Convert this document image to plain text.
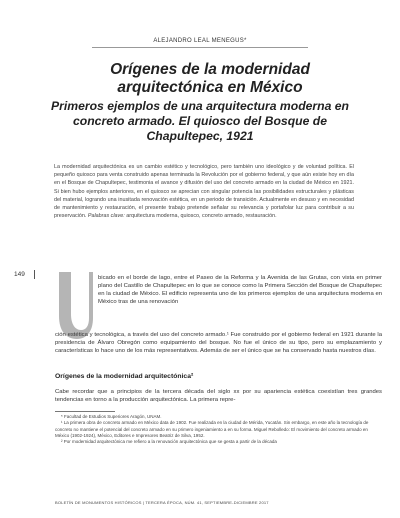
ALEJANDRO LEAL MENEGUS*
Orígenes de la modernidad arquitectónica en México
Primeros ejemplos de una arquitectura moderna en concreto armado. El quiosco del Bosque de Chapultepec, 1921
La modernidad arquitectónica es un cambio estético y tecnológico, pero también uno ideológico y de voluntad política. El pequeño quiosco para venta construido apenas terminada la Revolución por el gobierno federal, y que aún existe hoy en día en el Bosque de Chapultepec, testimonia el avance y difusión del uso del concreto armado en la ciudad de México en 1921. Si bien hubo ejemplos anteriores, en el quiosco se aprecian con singular potencia las posibilidades estructurales y plásticas del material, logrando una inusitada renovación estética, en un periodo de transición. Actualmente en desuso y en necesidad de mantenimiento y restauración, el presente trabajo pretende señalar su relevancia y portafolar luz para contribuir a su preservación. Palabras clave: arquitectura moderna, quiosco, concreto armado, restauración.
149	bicado en el borde de lago, entre el Paseo de la Reforma y la Avenida de las Grutas, con vista en primer plano del Castillo de Chapultepec en lo que se conoce como la Primera Sección del Bosque de Chapultepec en la ciudad de México. El edificio representa uno de los primeros ejemplos de una arquitectura moderna en México tras de una renovación
ción estética y tecnológica, a través del uso del concreto armado.¹ Fue construido por el gobierno federal en 1921 durante la presidencia de Álvaro Obregón como equipamiento del bosque. No fue el único de su tipo, pero su emplazamiento y características lo hace uno de los más representativos. Además de ser el único que se ha conservado hasta nuestros días.
Orígenes de la modernidad arquitectónica²
Cabe recordar que a principios de la tercera década del siglo xx por su apariencia estética coexistían tres grandes tendencias en torno a la producción arquitectónica. La primera repre-

* Facultad de Estudios Superiores Aragón, UNAM.

¹ La primera obra de concreto armado en México data de 1902. Fue realizada en la ciudad de Mérida, Yucatán. Sin embargo, en este año la tecnología de concreto no mantiene el potencial del concreto armado en su primero ingeniamiento a en su forma. Miguel Rebolledo: El movimiento del concreto armado en México (1902-1924), México, Editores e Impresores Beatriz de Silva, 1952.

² Por modernidad arquitectónica me refiero a la renovación arquitectónica que se gesta a partir de la década

BOLETÍN DE MONUMENTOS HISTÓRICOS | TERCERA ÉPOCA, NÚM. 41, SEPTIEMBRE-DICIEMBRE 2017
